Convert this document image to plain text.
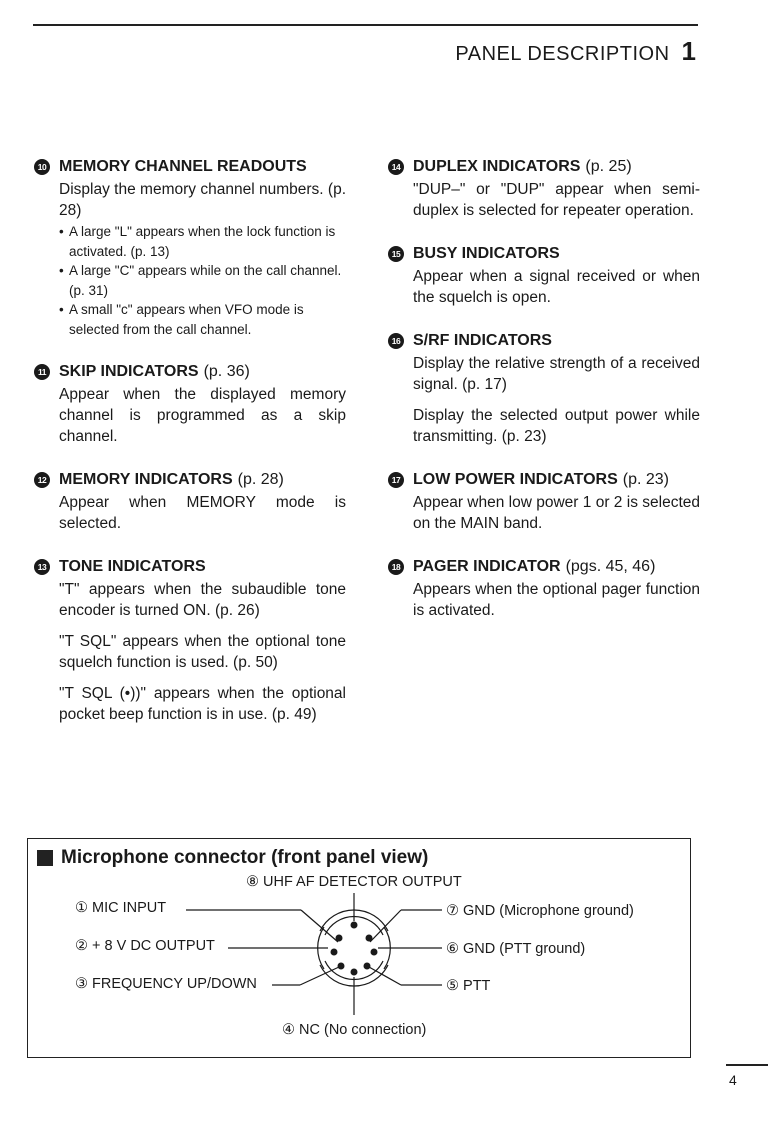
PANEL DESCRIPTION 1
10 MEMORY CHANNEL READOUTS
Display the memory channel numbers. (p. 28)
• A large "L" appears when the lock function is activated. (p. 13)
• A large "C" appears while on the call channel. (p. 31)
• A small "c" appears when VFO mode is selected from the call channel.
11 SKIP INDICATORS (p. 36)
Appear when the displayed memory channel is programmed as a skip channel.
12 MEMORY INDICATORS (p. 28)
Appear when MEMORY mode is selected.
13 TONE INDICATORS
"T" appears when the subaudible tone encoder is turned ON. (p. 26)
"T SQL" appears when the optional tone squelch function is used. (p. 50)
"T SQL (•))" appears when the optional pocket beep function is in use. (p. 49)
14 DUPLEX INDICATORS (p. 25)
"DUP–" or "DUP" appear when semi-duplex is selected for repeater operation.
15 BUSY INDICATORS
Appear when a signal received or when the squelch is open.
16 S/RF INDICATORS
Display the relative strength of a received signal. (p. 17)
Display the selected output power while transmitting. (p. 23)
17 LOW POWER INDICATORS (p. 23)
Appear when low power 1 or 2 is selected on the MAIN band.
18 PAGER INDICATOR (pgs. 45, 46)
Appears when the optional pager function is activated.
Microphone connector (front panel view)
⑧ UHF AF DETECTOR OUTPUT
① MIC INPUT	⑦ GND (Microphone ground)
② + 8 V DC OUTPUT	⑥ GND (PTT ground)
③ FREQUENCY UP/DOWN	⑤ PTT
④ NC (No connection)
4
